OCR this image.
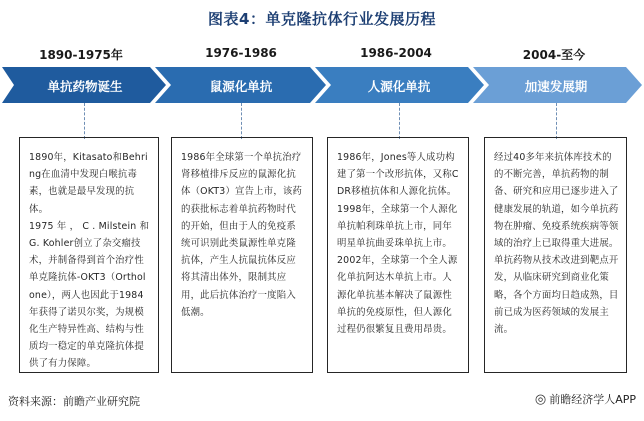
图表4：单克隆抗体行业发展历程
1890-1975年	1976-1986	1986-2004	2004-至今
单抗药物诞生	鼠源化单抗	人源化单抗	加速发展期

1890年，Kitasato和Behring在血清中发现白喉抗毒素，也就是最早发现的抗体。

1975 年 ， C . Milstein 和 G. Kohler创立了杂交瘤技术，并制备得到首个治疗性单克隆抗体-OKT3（Ortholone），两人也因此于1984年获得了诺贝尔奖，为规模化生产特异性高、结构与性质均一稳定的单克隆抗体提供了有力保障。

1986年全球第一个单抗治疗肾移植排斥反应的鼠源化抗体（OKT3）宣告上市，该药的获批标志着单抗药物时代的开始，但由于人的免疫系统可识别此类鼠源性单克隆抗体，产生人抗鼠抗体反应将其清出体外，限制其应用，此后抗体治疗一度陷入低潮。

1986年，Jones等人成功构建了第一个改形抗体，又称CDR移植抗体和人源化抗体。

1998年，全球第一个人源化单抗帕利珠单抗上市，同年明星单抗曲妥珠单抗上市。

2002年，全球第一个全人源化单抗阿达木单抗上市。人源化单抗基本解决了鼠源性单抗的免疫原性，但人源化过程仍很繁复且费用昂贵。

经过40多年来抗体库技术的的不断完善，单抗药物的制备、研究和应用已逐步进入了健康发展的轨道，如今单抗药物在肿瘤、免疫系统疾病等领域的治疗上已取得重大进展。单抗药物从技术改进到靶点开发，从临床研究到商业化策略，各个方面均日趋成熟，目前已成为医药领域的发展主流。

资料来源：前瞻产业研究院	◎ 前瞻经济学人APP
